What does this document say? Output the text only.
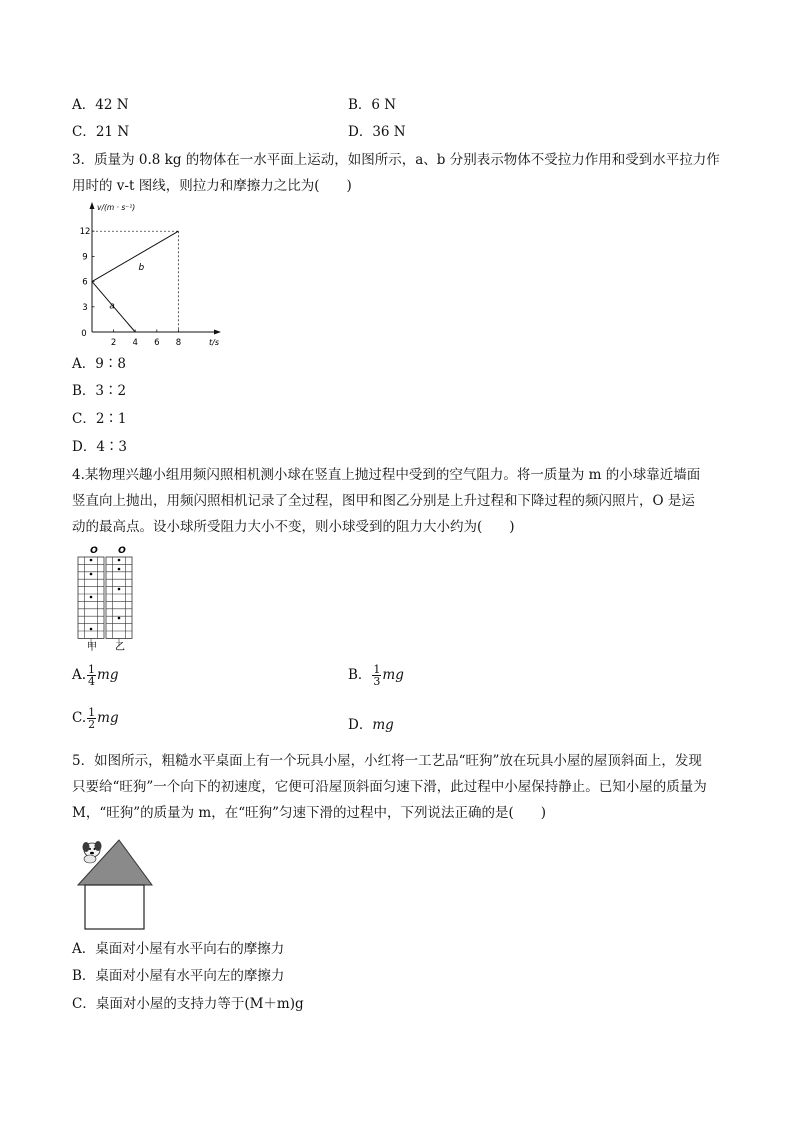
A．42 N	B．6 N
C．21 N	D．36 N
3．质量为 0.8 kg 的物体在一水平面上运动，如图所示，a、b 分别表示物体不受拉力作用和受到水平拉力作
用时的 v-t 图线，则拉力和摩擦力之比为(　　)
v/(m · s⁻¹)
t/s
0
2 4 6 8
3
6
9
12
a
b
A．9∶8
B．3∶2
C．2∶1
D．4∶3
4.某物理兴趣小组用频闪照相机测小球在竖直上抛过程中受到的空气阻力。将一质量为 m 的小球靠近墙面
竖直向上抛出，用频闪照相机记录了全过程，图甲和图乙分别是上升过程和下降过程的频闪照片，O 是运
动的最高点。设小球所受阻力大小不变，则小球受到的阻力大小约为(　　)
O O
甲 乙
A. $\frac{1}{4}$ mg	B． $\frac{1}{3}$ mg
C. $\frac{1}{2}$ mg	D．mg
5．如图所示，粗糙水平桌面上有一个玩具小屋，小红将一工艺品“旺狗”放在玩具小屋的屋顶斜面上，发现
只要给“旺狗”一个向下的初速度，它便可沿屋顶斜面匀速下滑，此过程中小屋保持静止。已知小屋的质量为
M，“旺狗”的质量为 m，在“旺狗”匀速下滑的过程中，下列说法正确的是(　　)
A．桌面对小屋有水平向右的摩擦力
B．桌面对小屋有水平向左的摩擦力
C．桌面对小屋的支持力等于(M＋m)g
